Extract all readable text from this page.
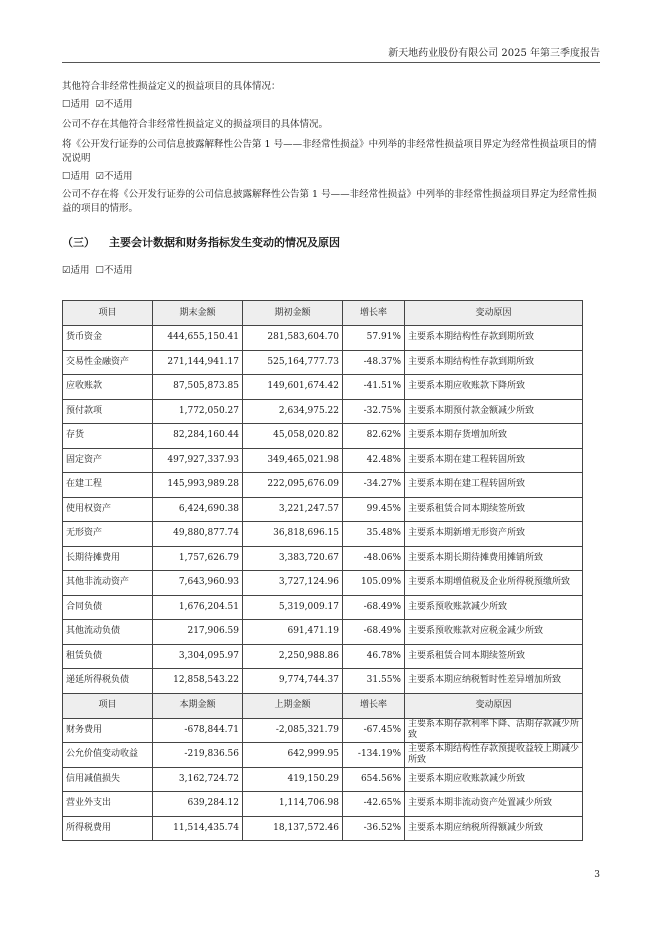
新天地药业股份有限公司 2025 年第三季度报告
其他符合非经常性损益定义的损益项目的具体情况：
☐适用 ☑不适用
公司不存在其他符合非经常性损益定义的损益项目的具体情况。
将《公开发行证券的公司信息披露解释性公告第 1 号——非经常性损益》中列举的非经常性损益项目界定为经常性损益项目的情况说明
☐适用 ☑不适用
公司不存在将《公开发行证券的公司信息披露解释性公告第 1 号——非经常性损益》中列举的非经常性损益项目界定为经常性损益的项目的情形。
（三） 主要会计数据和财务指标发生变动的情况及原因
☑适用 ☐不适用
项目	期末金额	期初金额	增长率	变动原因
货币资金	444,655,150.41	281,583,604.70	57.91%	主要系本期结构性存款到期所致
交易性金融资产	271,144,941.17	525,164,777.73	-48.37%	主要系本期结构性存款到期所致
应收账款	87,505,873.85	149,601,674.42	-41.51%	主要系本期应收账款下降所致
预付款项	1,772,050.27	2,634,975.22	-32.75%	主要系本期预付款金额减少所致
存货	82,284,160.44	45,058,020.82	82.62%	主要系本期存货增加所致
固定资产	497,927,337.93	349,465,021.98	42.48%	主要系本期在建工程转固所致
在建工程	145,993,989.28	222,095,676.09	-34.27%	主要系本期在建工程转固所致
使用权资产	6,424,690.38	3,221,247.57	99.45%	主要系租赁合同本期续签所致
无形资产	49,880,877.74	36,818,696.15	35.48%	主要系本期新增无形资产所致
长期待摊费用	1,757,626.79	3,383,720.67	-48.06%	主要系本期长期待摊费用摊销所致
其他非流动资产	7,643,960.93	3,727,124.96	105.09%	主要系本期增值税及企业所得税预缴所致
合同负债	1,676,204.51	5,319,009.17	-68.49%	主要系预收账款减少所致
其他流动负债	217,906.59	691,471.19	-68.49%	主要系预收账款对应税金减少所致
租赁负债	3,304,095.97	2,250,988.86	46.78%	主要系租赁合同本期续签所致
递延所得税负债	12,858,543.22	9,774,744.37	31.55%	主要系本期应纳税暂时性差异增加所致
项目	本期金额	上期金额	增长率	变动原因
财务费用	-678,844.71	-2,085,321.79	-67.45%	主要系本期存款利率下降、活期存款减少所致
公允价值变动收益	-219,836.56	642,999.95	-134.19%	主要系本期结构性存款预提收益较上期减少所致
信用减值损失	3,162,724.72	419,150.29	654.56%	主要系本期应收账款减少所致
营业外支出	639,284.12	1,114,706.98	-42.65%	主要系本期非流动资产处置减少所致
所得税费用	11,514,435.74	18,137,572.46	-36.52%	主要系本期应纳税所得额减少所致
3
